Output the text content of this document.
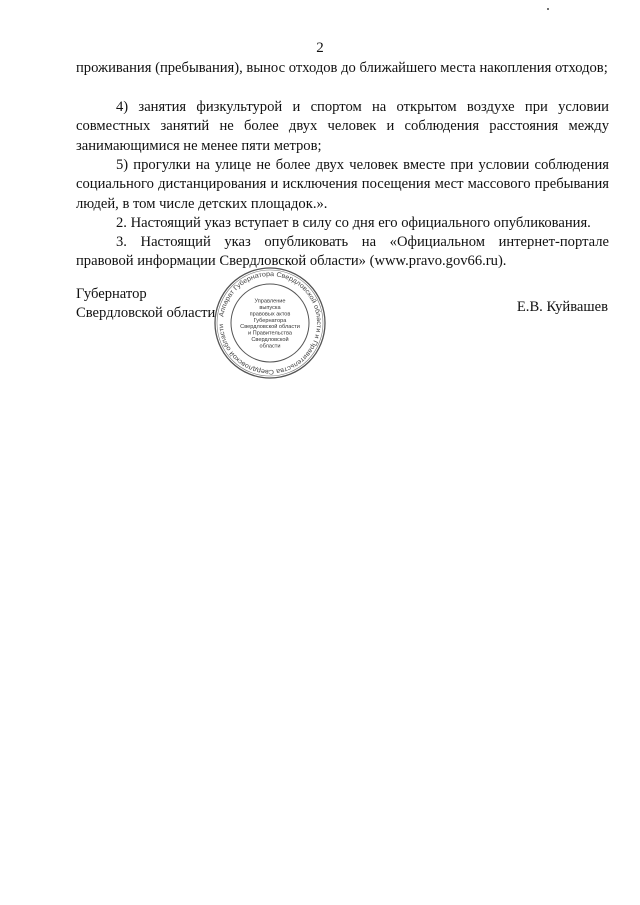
2

проживания (пребывания), вынос отходов до ближайшего места накопления отходов;

4) занятия физкультурой и спортом на открытом воздухе при условии совместных занятий не более двух человек и соблюдения расстояния между занимающимися не менее пяти метров;

5) прогулки на улице не более двух человек вместе при условии соблюдения социального дистанцирования и исключения посещения мест массового пребывания людей, в том числе детских площадок.».

2. Настоящий указ вступает в силу со дня его официального опубликования.

3. Настоящий указ опубликовать на «Официальном интернет-портале правовой информации Свердловской области» (www.pravo.gov66.ru).

Губернатор
Свердловской области	Е.В. Куйвашев
Аппарат Губернатора Свердловской области и Правительства Свердловской области
Управление
выпуска
правовых актов
Губернатора
Свердловской области
и Правительства
Свердловской
области
